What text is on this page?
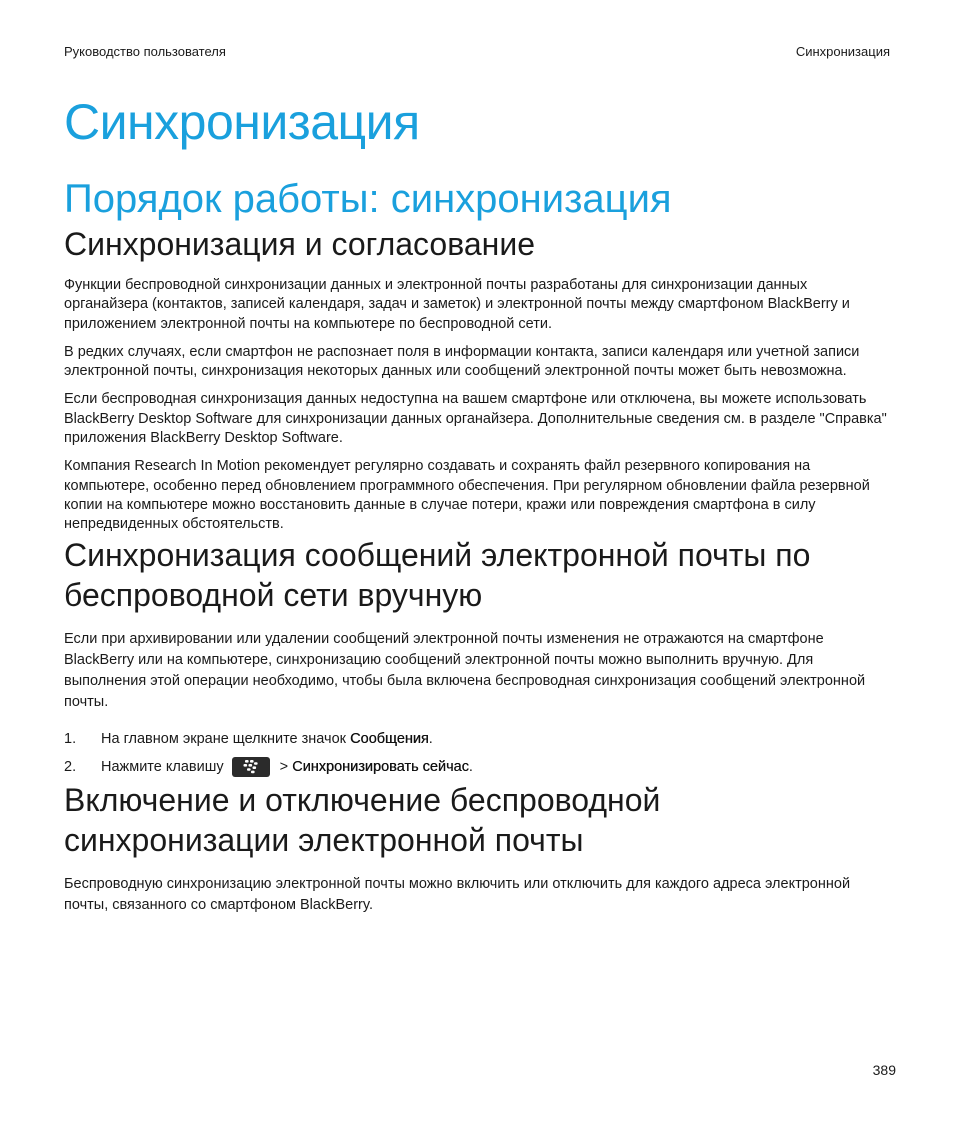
Руководство пользователя	Синхронизация
Синхронизация
Порядок работы: синхронизация
Синхронизация и согласование

Функции беспроводной синхронизации данных и электронной почты разработаны для синхронизации данных органайзера (контактов, записей календаря, задач и заметок) и электронной почты между смартфоном BlackBerry и приложением электронной почты на компьютере по беспроводной сети.

В редких случаях, если смартфон не распознает поля в информации контакта, записи календаря или учетной записи электронной почты, синхронизация некоторых данных или сообщений электронной почты может быть невозможна.

Если беспроводная синхронизация данных недоступна на вашем смартфоне или отключена, вы можете использовать BlackBerry Desktop Software для синхронизации данных органайзера. Дополнительные сведения см. в разделе "Справка" приложения BlackBerry Desktop Software.

Компания Research In Motion рекомендует регулярно создавать и сохранять файл резервного копирования на компьютере, особенно перед обновлением программного обеспечения. При регулярном обновлении файла резервной копии на компьютере можно восстановить данные в случае потери, кражи или повреждения смартфона в силу непредвиденных обстоятельств.

Синхронизация сообщений электронной почты по беспроводной сети вручную

Если при архивировании или удалении сообщений электронной почты изменения не отражаются на смартфоне BlackBerry или на компьютере, синхронизацию сообщений электронной почты можно выполнить вручную. Для выполнения этой операции необходимо, чтобы была включена беспроводная синхронизация сообщений электронной почты.

1.	На главном экране щелкните значок Сообщения.
2.	Нажмите клавишу	>
Синхронизировать сейчас .
Включение и отключение беспроводной синхронизации электронной почты

Беспроводную синхронизацию электронной почты можно включить или отключить для каждого адреса электронной почты, связанного со смартфоном BlackBerry.

389
